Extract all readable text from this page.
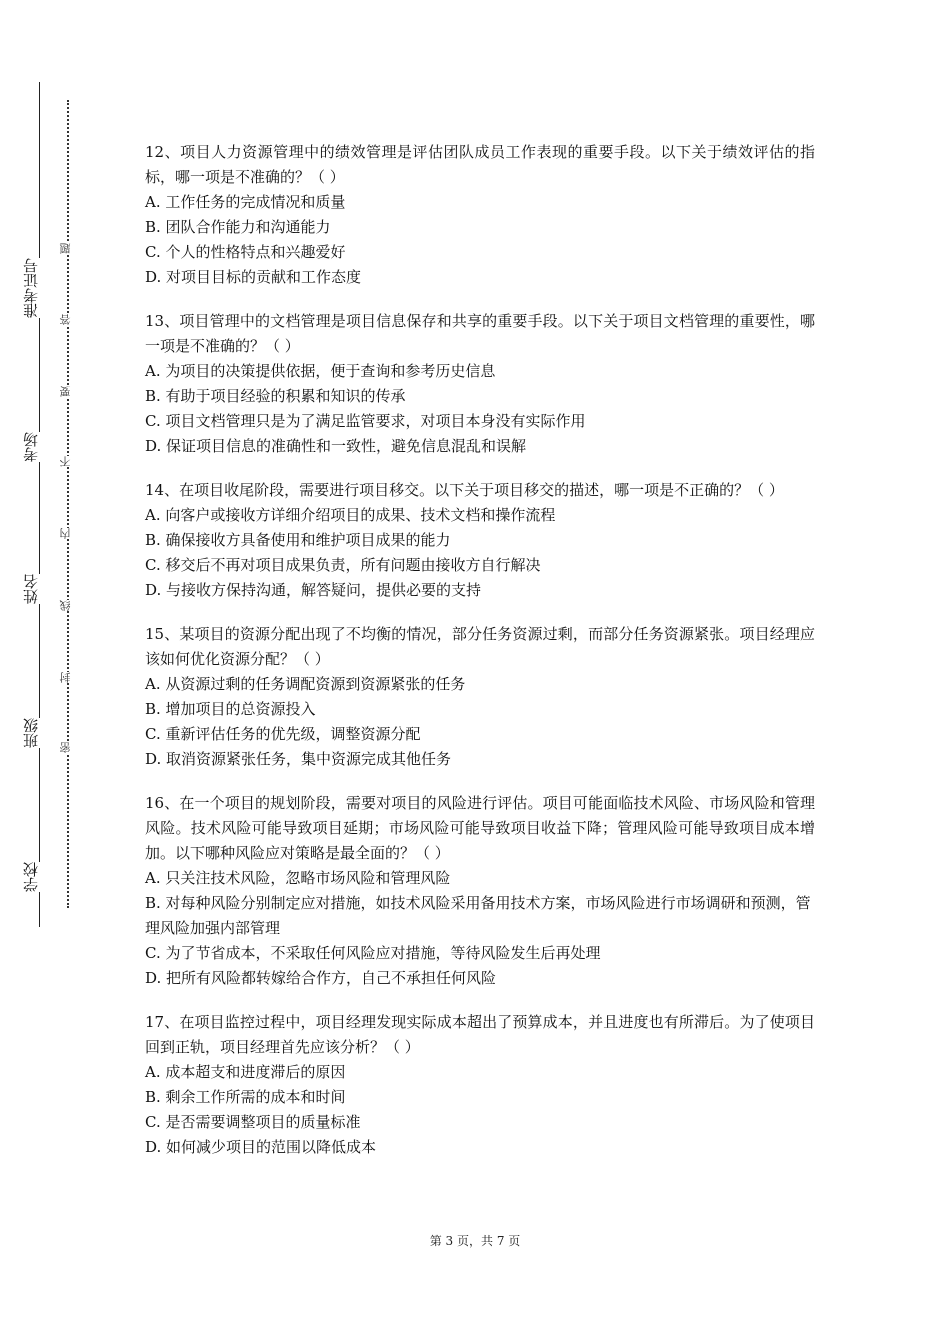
学校
班级
姓名
考场
准考证号
密
封
线
内
不
要
答
题
12、项目人力资源管理中的绩效管理是评估团队成员工作表现的重要手段。以下关于绩效评估的指标，哪一项是不准确的？（ ）
A. 工作任务的完成情况和质量
B. 团队合作能力和沟通能力
C. 个人的性格特点和兴趣爱好
D. 对项目目标的贡献和工作态度
13、项目管理中的文档管理是项目信息保存和共享的重要手段。以下关于项目文档管理的重要性，哪一项是不准确的？（ ）
A. 为项目的决策提供依据，便于查询和参考历史信息
B. 有助于项目经验的积累和知识的传承
C. 项目文档管理只是为了满足监管要求，对项目本身没有实际作用
D. 保证项目信息的准确性和一致性，避免信息混乱和误解
14、在项目收尾阶段，需要进行项目移交。以下关于项目移交的描述，哪一项是不正确的？（ ）
A. 向客户或接收方详细介绍项目的成果、技术文档和操作流程
B. 确保接收方具备使用和维护项目成果的能力
C. 移交后不再对项目成果负责，所有问题由接收方自行解决
D. 与接收方保持沟通，解答疑问，提供必要的支持
15、某项目的资源分配出现了不均衡的情况，部分任务资源过剩，而部分任务资源紧张。项目经理应该如何优化资源分配？（ ）
A. 从资源过剩的任务调配资源到资源紧张的任务
B. 增加项目的总资源投入
C. 重新评估任务的优先级，调整资源分配
D. 取消资源紧张任务，集中资源完成其他任务
16、在一个项目的规划阶段，需要对项目的风险进行评估。项目可能面临技术风险、市场风险和管理风险。技术风险可能导致项目延期；市场风险可能导致项目收益下降；管理风险可能导致项目成本增加。以下哪种风险应对策略是最全面的？（ ）
A. 只关注技术风险，忽略市场风险和管理风险
B. 对每种风险分别制定应对措施，如技术风险采用备用技术方案，市场风险进行市场调研和预测，管理风险加强内部管理
C. 为了节省成本，不采取任何风险应对措施，等待风险发生后再处理
D. 把所有风险都转嫁给合作方，自己不承担任何风险
17、在项目监控过程中，项目经理发现实际成本超出了预算成本，并且进度也有所滞后。为了使项目回到正轨，项目经理首先应该分析？（ ）
A. 成本超支和进度滞后的原因
B. 剩余工作所需的成本和时间
C. 是否需要调整项目的质量标准
D. 如何减少项目的范围以降低成本
第 3 页，共 7 页
